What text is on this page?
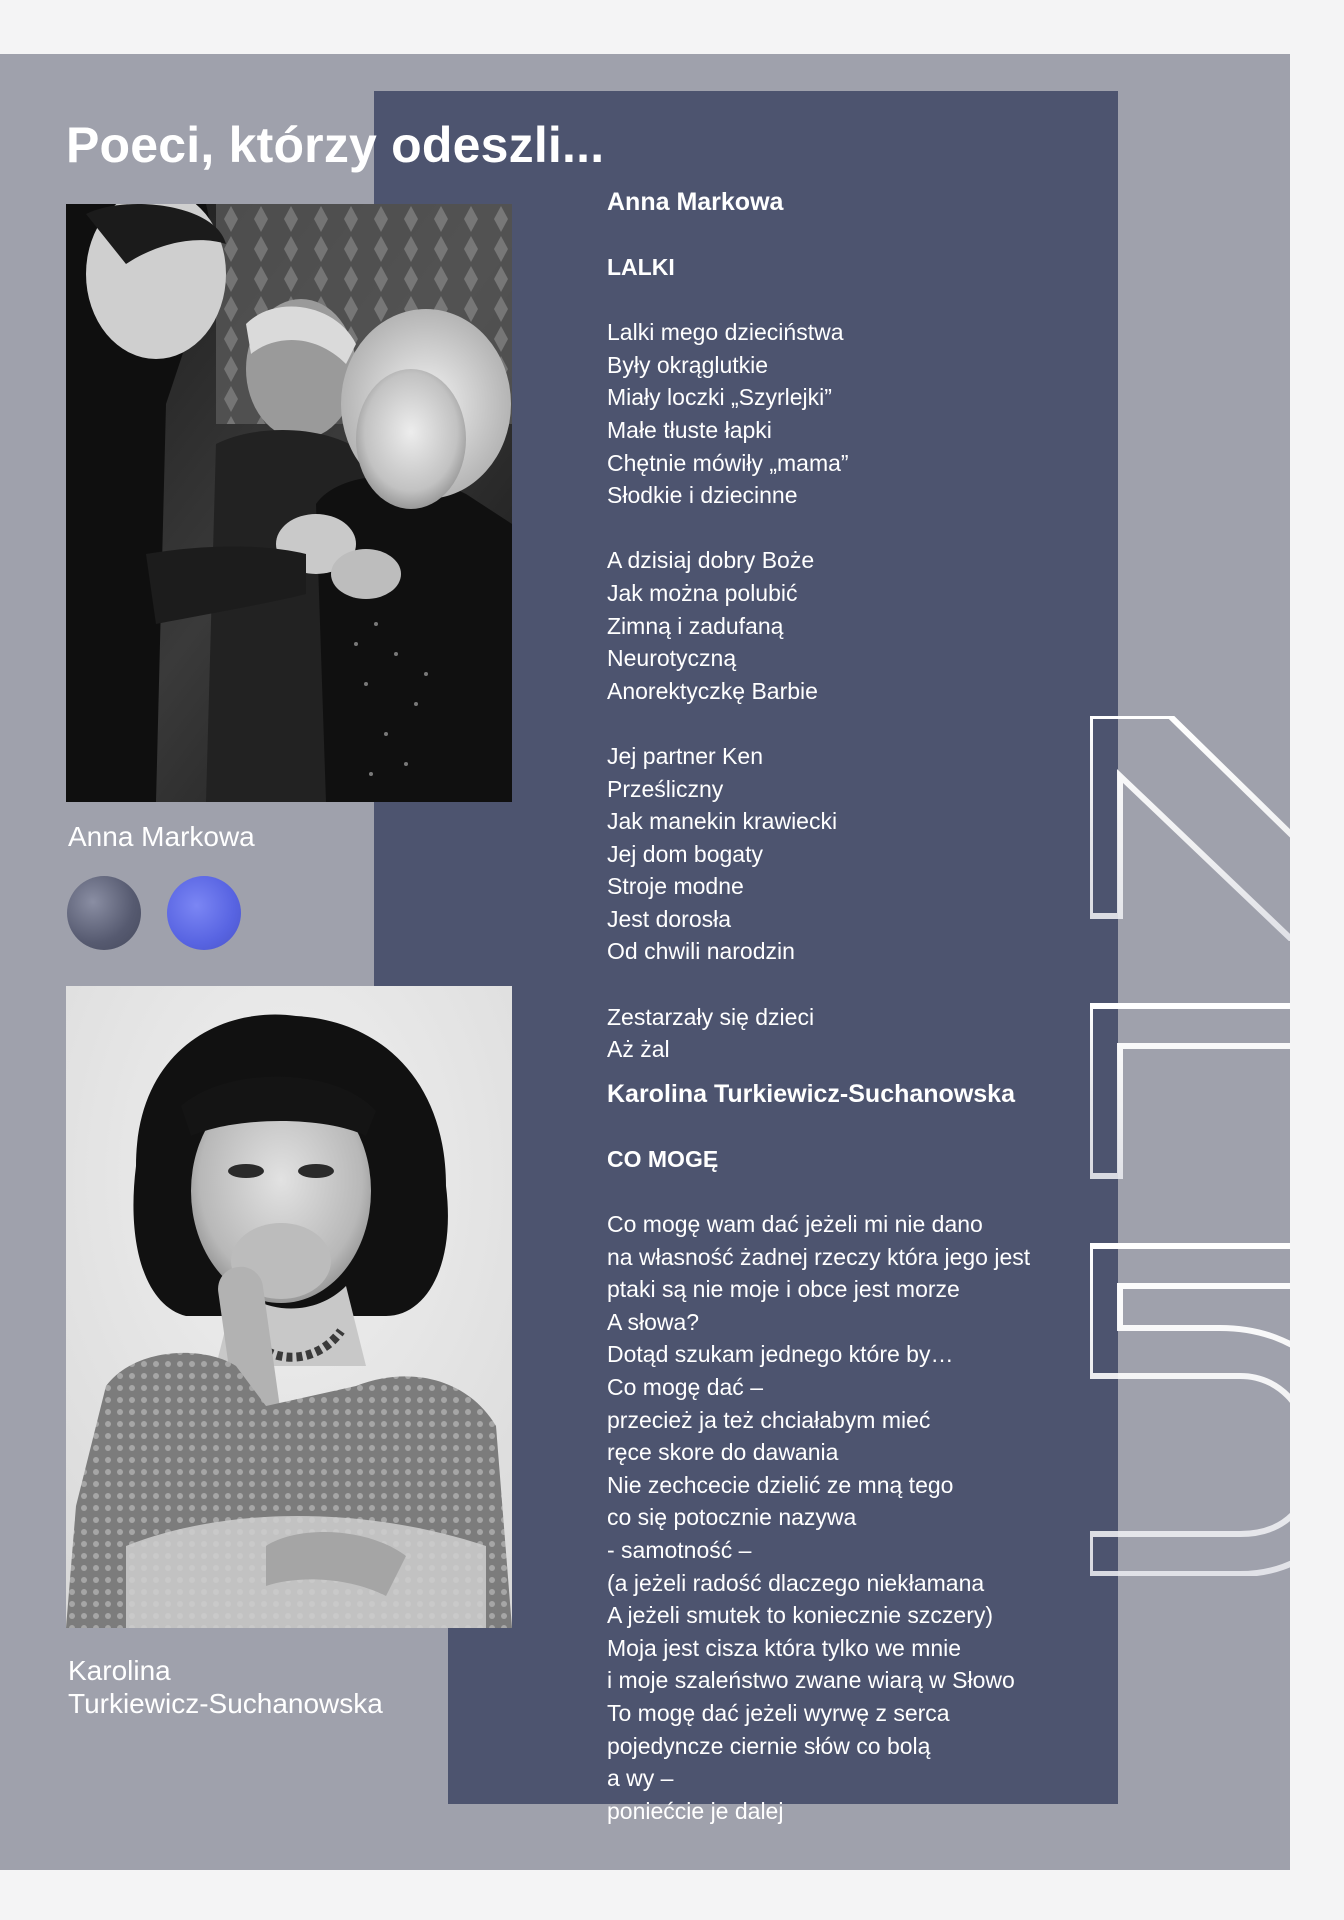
Poeci, którzy odeszli...
Anna Markowa
Karolina
Turkiewicz-Suchanowska

Anna Markowa

LALKI

Lalki mego dzieciństwa

Były okrąglutkie

Miały loczki „Szyrlejki”

Małe tłuste łapki

Chętnie mówiły „mama”

Słodkie i dziecinne

A dzisiaj dobry Boże

Jak można polubić

Zimną i zadufaną

Neurotyczną

Anorektyczkę Barbie

Jej partner Ken

Prześliczny

Jak manekin krawiecki

Jej dom bogaty

Stroje modne

Jest dorosła

Od chwili narodzin

Zestarzały się dzieci

Aż żal

Karolina Turkiewicz-Suchanowska

CO MOGĘ

Co mogę wam dać jeżeli mi nie dano

na własność żadnej rzeczy która jego jest

ptaki są nie moje i obce jest morze

A słowa?

Dotąd szukam jednego które by…

Co mogę dać –

przecież ja też chciałabym mieć

ręce skore do dawania

Nie zechcecie dzielić ze mną tego

co się potocznie nazywa

- samotność –

(a jeżeli radość dlaczego niekłamana

A jeżeli smutek to koniecznie szczery)

Moja jest cisza która tylko we mnie

i moje szaleństwo zwane wiarą w Słowo

To mogę dać jeżeli wyrwę z serca

pojedyncze ciernie słów co bolą

a wy –

poniećcie je dalej
